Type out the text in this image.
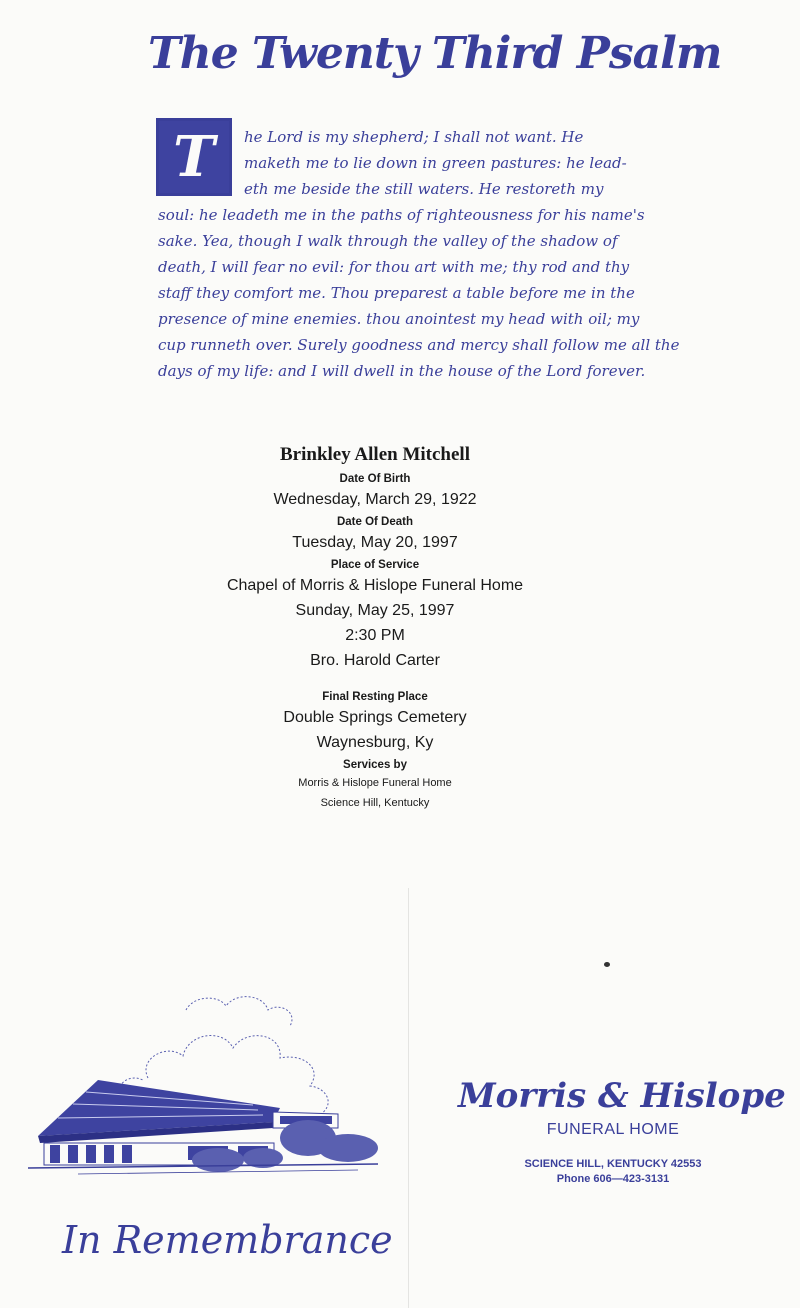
The Twenty Third Psalm
he Lord is my shepherd; I shall not want. He
maketh me to lie down in green pastures: he lead-
eth me beside the still waters. He restoreth my
soul: he leadeth me in the paths of righteousness for his name's
sake. Yea, though I walk through the valley of the shadow of
death, I will fear no evil: for thou art with me; thy rod and thy
staff they comfort me. Thou preparest a table before me in the
presence of mine enemies. thou anointest my head with oil; my
cup runneth over. Surely goodness and mercy shall follow me all the
days of my life: and I will dwell in the house of the Lord forever.
T

Brinkley Allen Mitchell

Date Of Birth

Wednesday, March 29, 1922

Date Of Death

Tuesday, May 20, 1997

Place of Service

Chapel of Morris & Hislope Funeral Home

Sunday, May 25, 1997

2:30 PM

Bro. Harold Carter

Final Resting Place

Double Springs Cemetery

Waynesburg, Ky

Services by

Morris & Hislope Funeral Home

Science Hill, Kentucky

In Remembrance
Morris & Hislope
FUNERAL HOME
SCIENCE HILL, KENTUCKY 42553
Phone 606—423-3131
